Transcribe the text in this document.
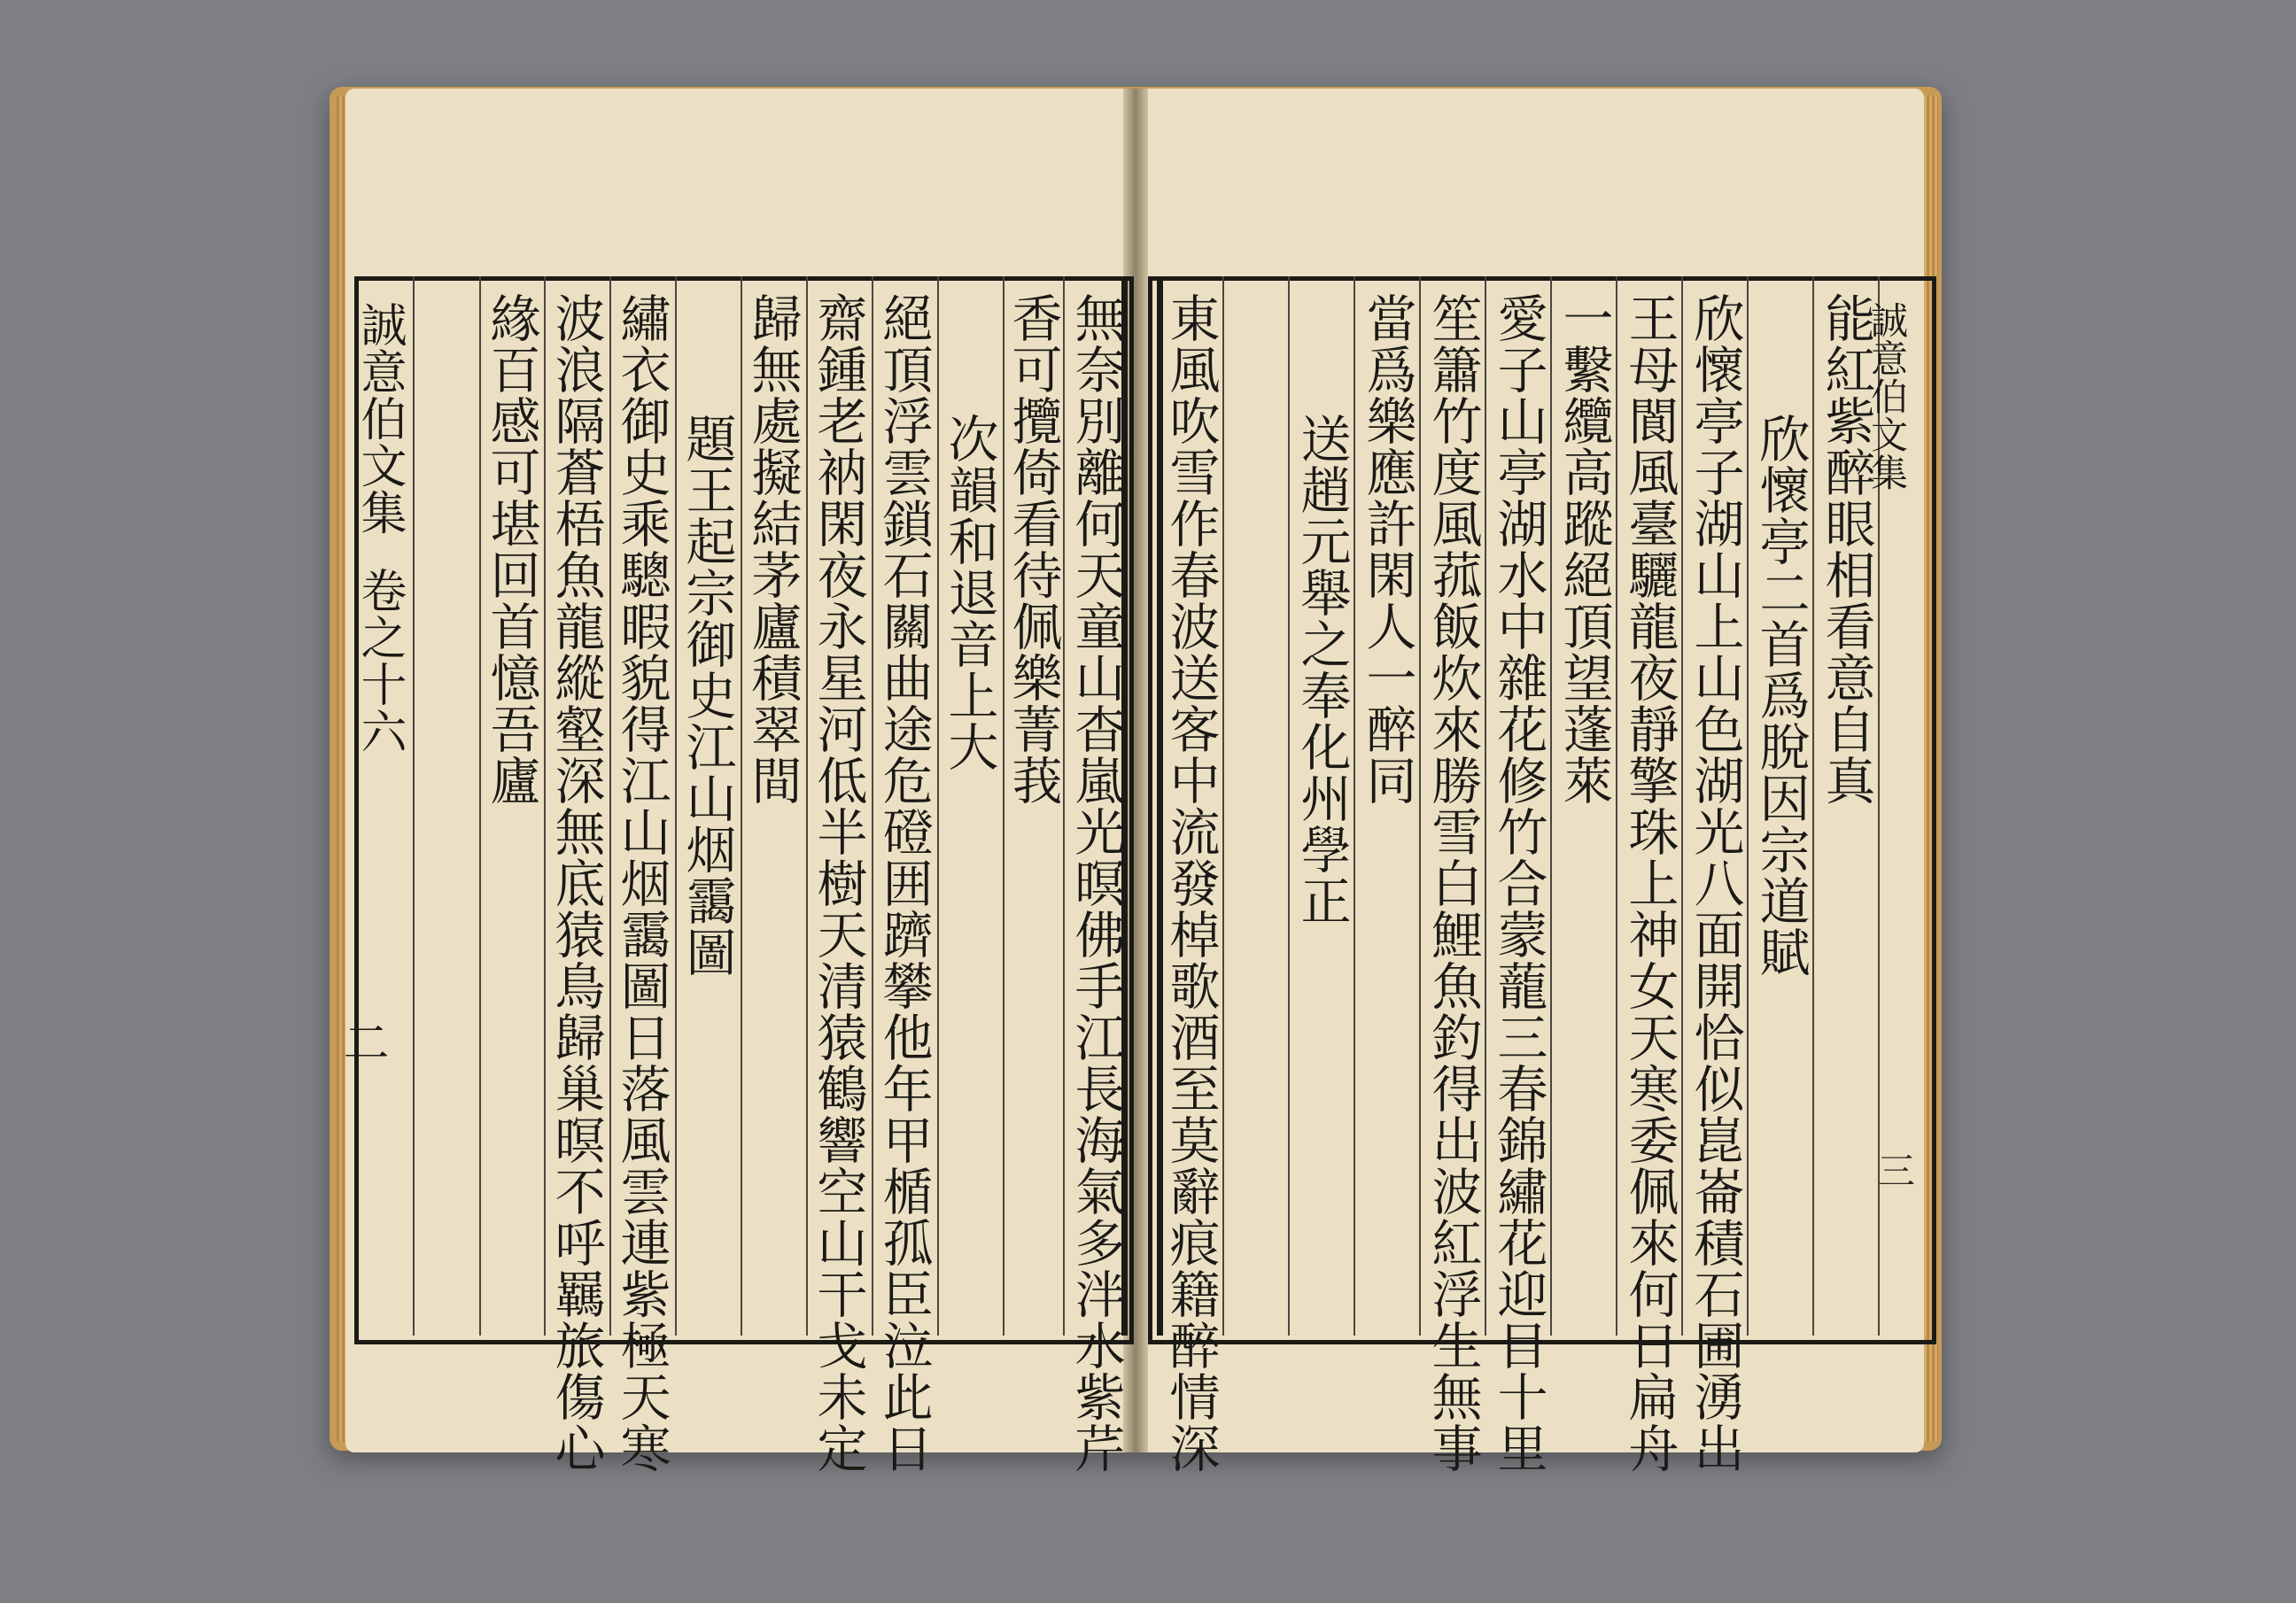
誠意伯文集
卷之十六
二	無奈別離何天童山杳嵐光暝佛手江長海氣多泮水紫芹
香可攬倚看待佩樂菁莪
次韻和退音上大
絕頂浮雲鎖石關曲途危磴囲躋攀他年甲楯孤臣泣此日
齋鍾老衲閑夜永星河低半樹天清猿鶴響空山干戈未定
歸無處擬結茅廬積翠間
題王起宗御史江山烟靄圖
繡衣御史乘驄暇貌得江山烟靄圖日落風雲連紫極天寒
波浪隔蒼梧魚龍縱壑深無底猿鳥歸巢暝不呼羈旅傷心
緣百感可堪回首憶吾廬	能紅紫醉眼相看意自真
欣懷亭二首爲脫因宗道賦
欣懷亭子湖山上山色湖光八面開恰似崑崙積石圃湧出
王母閬風臺驪龍夜靜擎珠上神女天寒委佩來何日扁舟
一繫纜高蹤絕頂望蓬萊
愛子山亭湖水中雜花修竹合蒙蘢三春錦繡花迎目十里
笙簫竹度風菰飯炊來勝雪白鯉魚釣得出波紅浮生無事
當爲樂應許閑人一醉同
送趙元舉之奉化州學正
東風吹雪作春波送客中流發棹歌酒至莫辭痕籍醉情深	誠意伯文集
三
